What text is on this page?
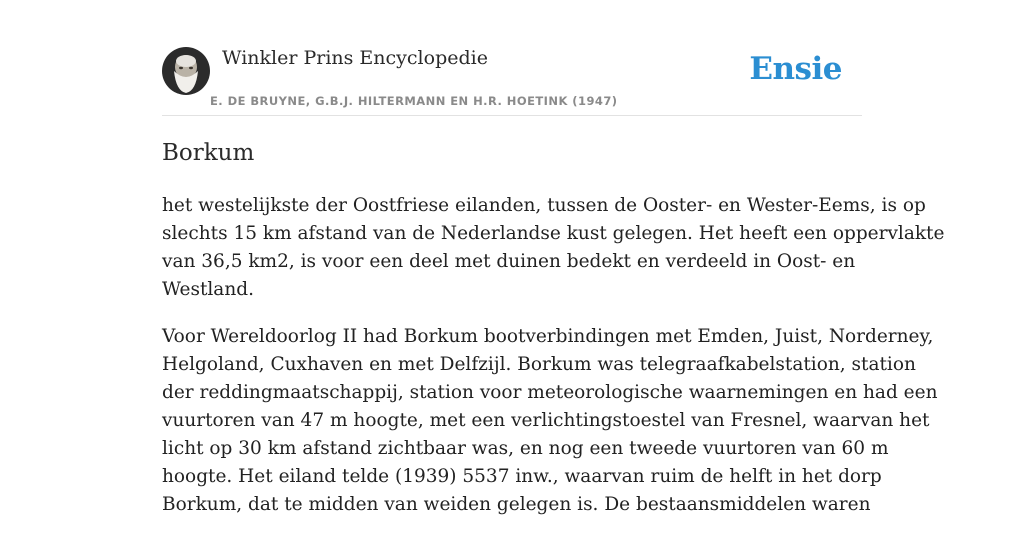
Winkler Prins Encyclopedie
E. DE BRUYNE, G.B.J. HILTERMANN EN H.R. HOETINK (1947)
Ensie
Borkum

het westelijkste der Oostfriese eilanden, tussen de Ooster- en Wester-Eems, is op
slechts 15 km afstand van de Nederlandse kust gelegen. Het heeft een oppervlakte
van 36,5 km2, is voor een deel met duinen bedekt en verdeeld in Oost- en
Westland.

Voor Wereldoorlog II had Borkum bootverbindingen met Emden, Juist, Norderney,
Helgoland, Cuxhaven en met Delfzijl. Borkum was telegraafkabelstation, station
der reddingmaatschappij, station voor meteorologische waarnemingen en had een
vuurtoren van 47 m hoogte, met een verlichtingstoestel van Fresnel, waarvan het
licht op 30 km afstand zichtbaar was, en nog een tweede vuurtoren van 60 m
hoogte. Het eiland telde (1939) 5537 inw., waarvan ruim de helft in het dorp
Borkum, dat te midden van weiden gelegen is. De bestaansmiddelen waren
